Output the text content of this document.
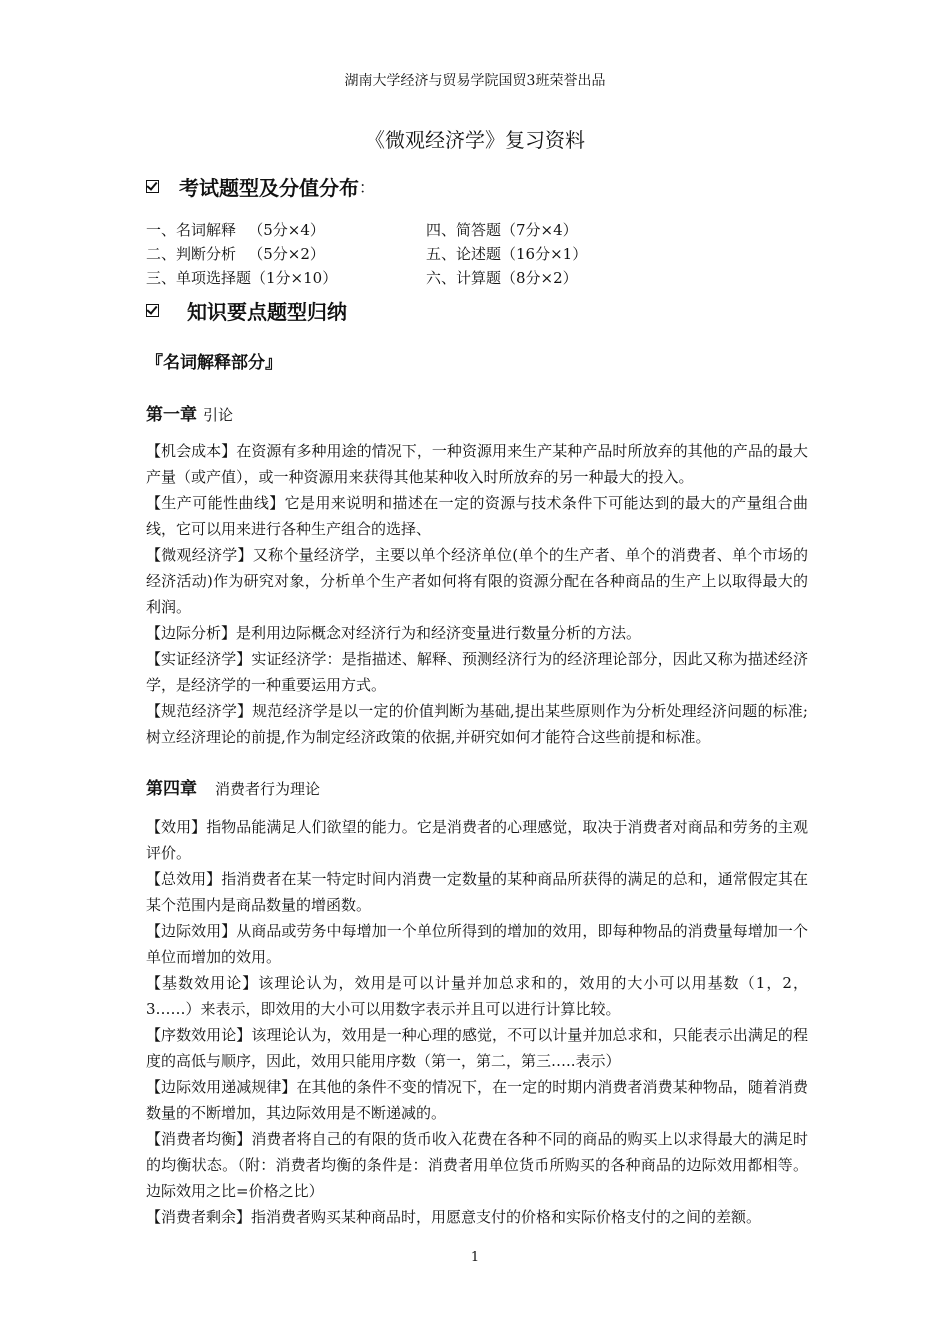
湖南大学经济与贸易学院国贸3班荣誉出品
《微观经济学》复习资料
考试题型及分值分布 ：
一、名词解释 　（5分×4）	四、简答题（7分×4）
二、判断分析 　（5分×2）	五、论述题（16分×1）
三、单项选择题（1分×10）	六、计算题（8分×2）
知识要点题型归纳
『名词解释部分』
第一章 引论

【机会成本】在资源有多种用途的情况下，一种资源用来生产某种产品时所放弃的其他的产品的最大产量（或产值），或一种资源用来获得其他某种收入时所放弃的另一种最大的投入。

【生产可能性曲线】它是用来说明和描述在一定的资源与技术条件下可能达到的最大的产量组合曲线，它可以用来进行各种生产组合的选择、

【微观经济学】又称个量经济学，主要以单个经济单位(单个的生产者、单个的消费者、单个市场的经济活动)作为研究对象，分析单个生产者如何将有限的资源分配在各种商品的生产上以取得最大的利润。

【边际分析】是利用边际概念对经济行为和经济变量进行数量分析的方法。

【实证经济学】实证经济学：是指描述、解释、预测经济行为的经济理论部分，因此又称为描述经济学，是经济学的一种重要运用方式。

【规范经济学】规范经济学是以一定的价值判断为基础,提出某些原则作为分析处理经济问题的标准;树立经济理论的前提,作为制定经济政策的依据,并研究如何才能符合这些前提和标准。

第四章 消费者行为理论

【效用】指物品能满足人们欲望的能力。它是消费者的心理感觉，取决于消费者对商品和劳务的主观评价。

【总效用】指消费者在某一特定时间内消费一定数量的某种商品所获得的满足的总和，通常假定其在某个范围内是商品数量的增函数。

【边际效用】从商品或劳务中每增加一个单位所得到的增加的效用，即每种物品的消费量每增加一个单位而增加的效用。

【基数效用论】该理论认为，效用是可以计量并加总求和的，效用的大小可以用基数（1，2，3……）来表示，即效用的大小可以用数字表示并且可以进行计算比较。

【序数效用论】该理论认为，效用是一种心理的感觉，不可以计量并加总求和，只能表示出满足的程度的高低与顺序，因此，效用只能用序数（第一，第二，第三…..表示）

【边际效用递减规律】在其他的条件不变的情况下，在一定的时期内消费者消费某种物品，随着消费数量的不断增加，其边际效用是不断递减的。

【消费者均衡】消费者将自己的有限的货币收入花费在各种不同的商品的购买上以求得最大的满足时的均衡状态。（附：消费者均衡的条件是：消费者用单位货币所购买的各种商品的边际效用都相等。边际效用之比=价格之比）

【消费者剩余】指消费者购买某种商品时，用愿意支付的价格和实际价格支付的之间的差额。

1
